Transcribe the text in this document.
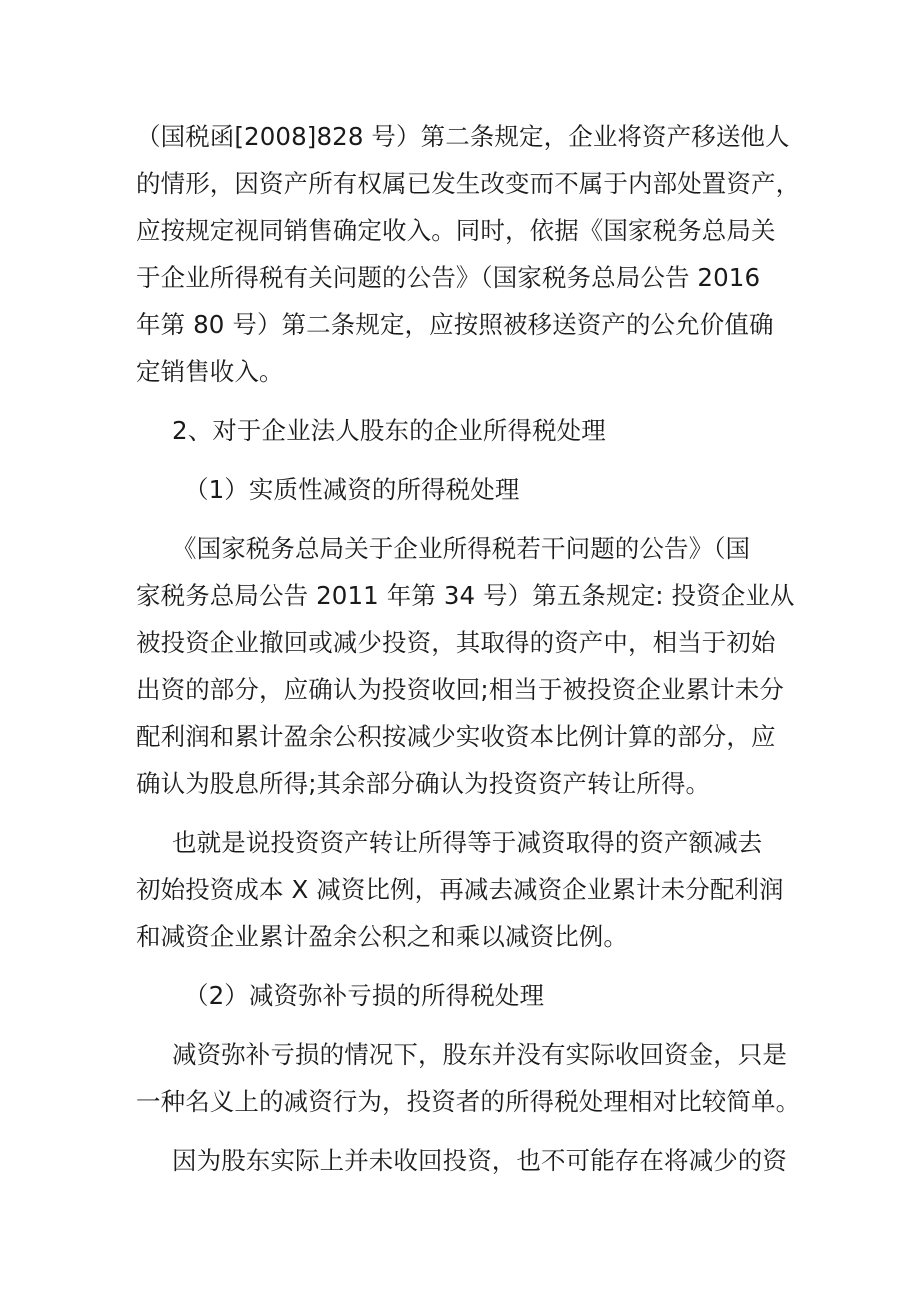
（国税函[2008]828 号）第二条规定，企业将资产移送他人
的情形，因资产所有权属已发生改变而不属于内部处置资产，
应按规定视同销售确定收入。同时，依据《国家税务总局关
于企业所得税有关问题的公告》（国家税务总局公告 2016
年第 80 号）第二条规定，应按照被移送资产的公允价值确
定销售收入。
2、对于企业法人股东的企业所得税处理
（1）实质性减资的所得税处理
《国家税务总局关于企业所得税若干问题的公告》（国
家税务总局公告 2011 年第 34 号）第五条规定: 投资企业从
被投资企业撤回或减少投资，其取得的资产中，相当于初始
出资的部分，应确认为投资收回;相当于被投资企业累计未分
配利润和累计盈余公积按减少实收资本比例计算的部分，应
确认为股息所得;其余部分确认为投资资产转让所得。
也就是说投资资产转让所得等于减资取得的资产额减去
初始投资成本 X 减资比例，再减去减资企业累计未分配利润
和减资企业累计盈余公积之和乘以减资比例。
（2）减资弥补亏损的所得税处理
减资弥补亏损的情况下，股东并没有实际收回资金，只是
一种名义上的减资行为，投资者的所得税处理相对比较简单。
因为股东实际上并未收回投资，也不可能存在将减少的资
